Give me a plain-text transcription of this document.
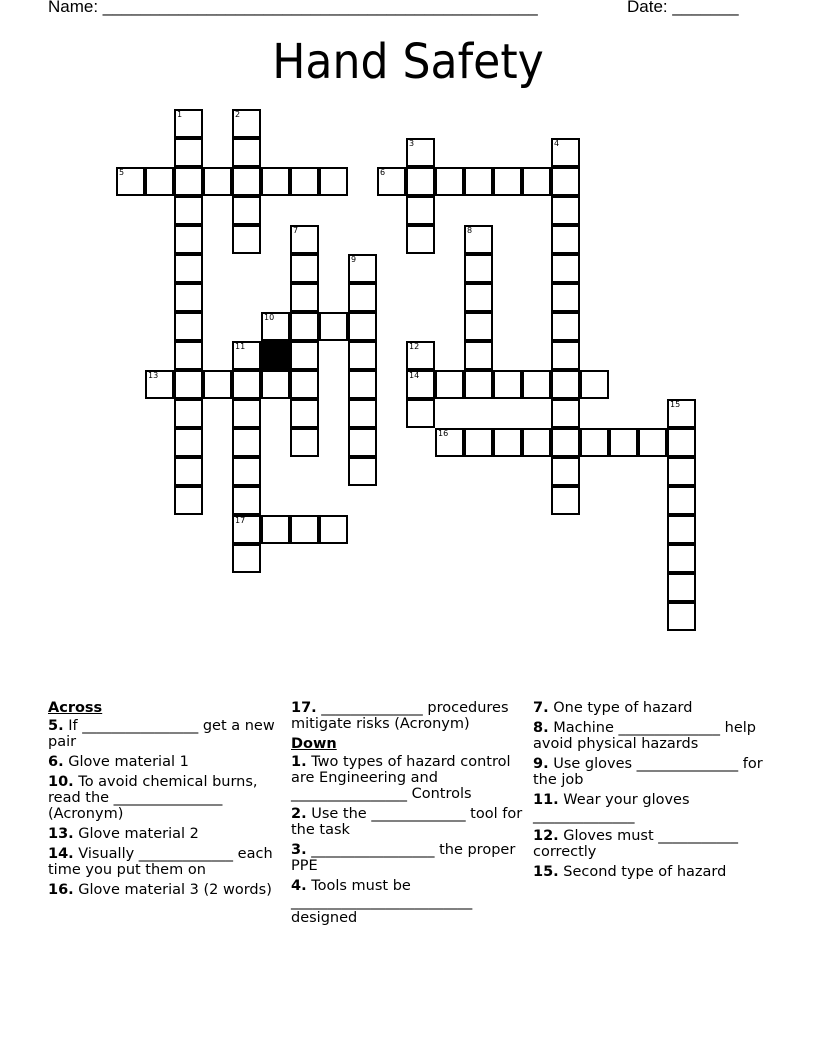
Name: ______________________________________________	Date: _______
Hand Safety
1	2
3	4
5	6
7	8
9
10
11
17
12
14
13
15
16
Across
5. If ________________ get a new pair
6. Glove material 1
10. To avoid chemical burns, read the _______________ (Acronym)
13. Glove material 2
14. Visually _____________ each time you put them on
16. Glove material 3 (2 words)
17. ______________ procedures mitigate risks (Acronym)
Down
1. Two types of hazard control are Engineering and ________________ Controls
2. Use the _____________ tool for the task
3. _________________ the proper PPE
4. Tools must be _________________________ designed
7. One type of hazard
8. Machine ______________ help avoid physical hazards
9. Use gloves ______________ for the job
11. Wear your gloves ______________
12. Gloves must ___________ correctly
15. Second type of hazard
